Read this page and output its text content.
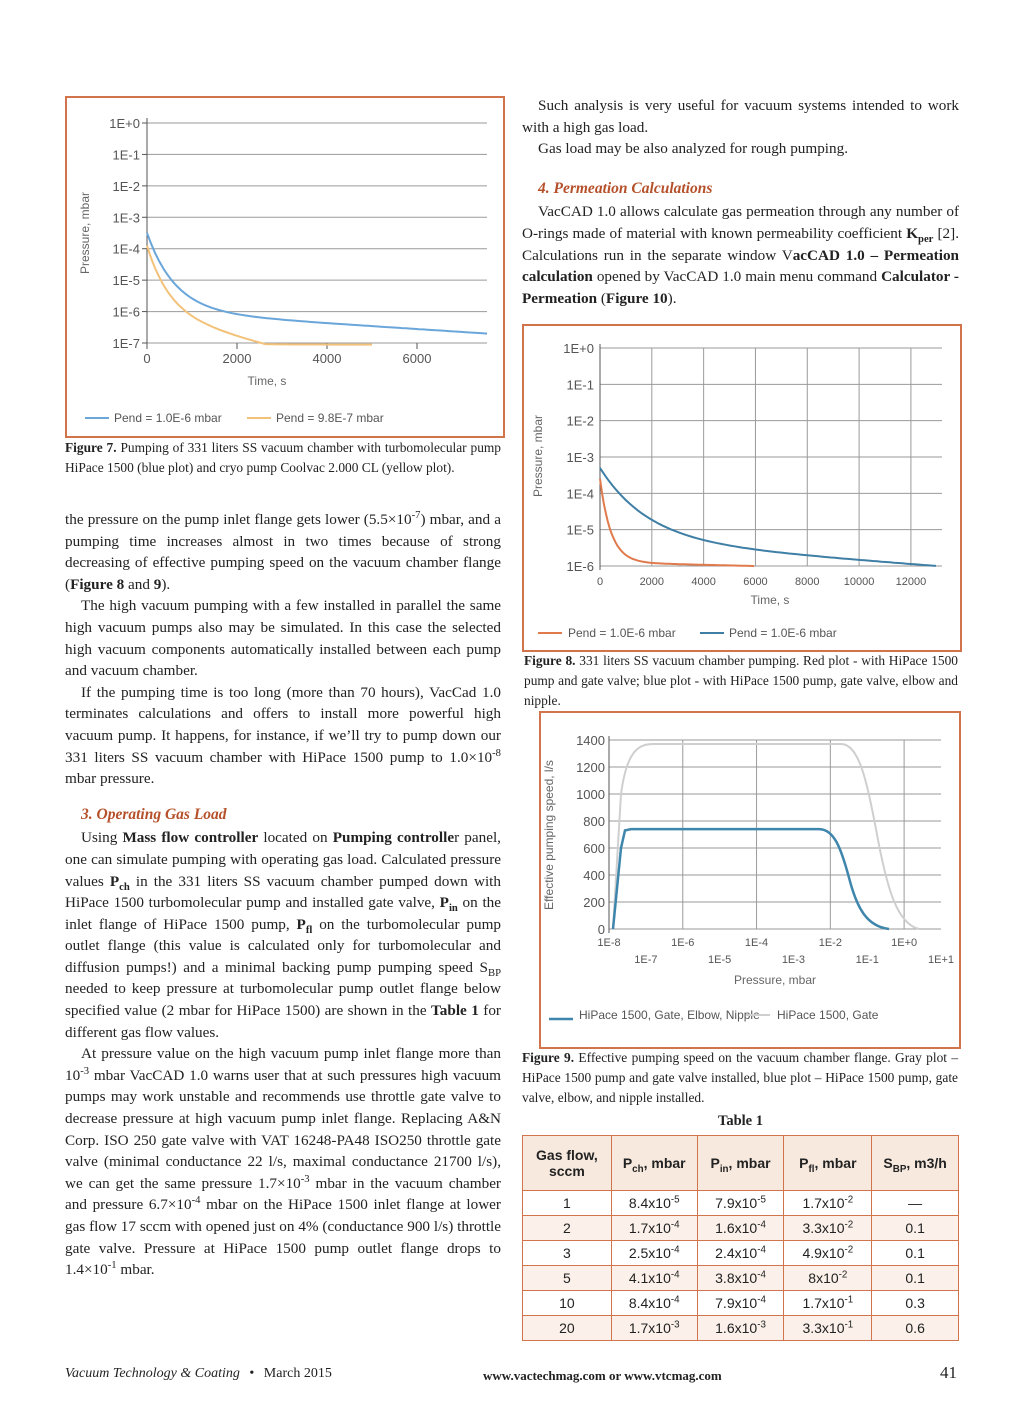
1E+0
1E-1
1E-2
1E-3
1E-4
1E-5
1E-6
1E-7
0	2000	4000	6000
Time, s
Pressure, mbar
Pend = 1.0E-6 mbar	Pend = 9.8E-7 mbar
Figure 7. Pumping of 331 liters SS vacuum chamber with turbomolecular pump HiPace 1500 (blue plot) and cryo pump Coolvac 2.000 CL (yellow plot).

the pressure on the pump inlet flange gets lower $(5.5\times 10^{-7})$ mbar, and a pumping time increases almost in two times because of strong decreasing of effective pumping speed on the vacuum chamber flange (Figure 8 and 9).

The high vacuum pumping with a few installed in parallel the same high vacuum pumps also may be simulated. In this case the selected high vacuum components automatically installed between each pump and vacuum chamber.

If the pumping time is too long (more than 70 hours), VacCad 1.0 terminates calculations and offers to install more powerful high vacuum pump. It happens, for instance, if we’ll try to pump down our 331 liters SS vacuum chamber with HiPace 1500 pump to $1.0\times 10^{-8}$ mbar pressure.

3. Operating Gas Load

Using Mass flow controller located on Pumping controller panel, one can simulate pumping with operating gas load. Calculated pressure values $P_{ch}$ in the 331 liters SS vacuum chamber pumped down with HiPace 1500 turbomolecular pump and installed gate valve, $P_{in}$ on the inlet flange of HiPace 1500 pump, $P_{fl}$ on the turbomolecular pump outlet flange (this value is calculated only for turbomolecular and diffusion pumps!) and a minimal backing pump pumping speed $S_{BP}$ needed to keep pressure at turbomolecular pump outlet flange below specified value (2 mbar for HiPace 1500) are shown in the Table 1 for different gas flow values.

At pressure value on the high vacuum pump inlet flange more than $10^{-3}$ mbar VacCAD 1.0 warns user that at such pressures high vacuum pumps may work unstable and recommends use throttle gate valve to decrease pressure at high vacuum pump inlet flange. Replacing A&N Corp. ISO 250 gate valve with VAT 16248-PA48 ISO250 throttle gate valve (minimal conductance 22 l/s, maximal conductance 21700 l/s), we can get the same pressure $1.7\times 10^{-3}$ mbar in the vacuum chamber and pressure $6.7\times 10^{-4}$ mbar on the HiPace 1500 inlet flange at lower gas flow 17 sccm with opened just on 4% (conductance 900 l/s) throttle gate valve. Pressure at HiPace 1500 pump outlet flange drops to $1.4\times 10^{-1}$ mbar.

Such analysis is very useful for vacuum systems intended to work with a high gas load.

Gas load may be also analyzed for rough pumping.

4. Permeation Calculations

VacCAD 1.0 allows calculate gas permeation through any number of O-rings made of material with known permeability coefficient $K_{per}$ [2]. Calculations run in the separate window VacCAD 1.0 – Permeation calculation opened by VacCAD 1.0 main menu command Calculator - Permeation (Figure 10).

1E+0
1E-1
1E-2
1E-3
1E-4
1E-5
1E-6
0	2000 4000 6000 8000 10000 12000
Time, s
Pressure, mbar
Pend = 1.0E-6 mbar	Pend = 1.0E-6 mbar
Figure 8. 331 liters SS vacuum chamber pumping. Red plot - with HiPace 1500 pump and gate valve; blue plot - with HiPace 1500 pump, gate valve, elbow and nipple.
1400
1200
1000
800
600
400
200
0
1E-8	1E-6	1E-4	1E-2	1E+0
1E-7	1E-5	1E-3	1E-1	1E+1
Pressure, mbar
Effective pumping speed, l/s
HiPace 1500, Gate, Elbow, Nipple HiPace 1500, Gate
Figure 9. Effective pumping speed on the vacuum chamber flange. Gray plot – HiPace 1500 pump and gate valve installed, blue plot – HiPace 1500 pump, gate valve, elbow, and nipple installed.
Table 1
Gas flow, sccm	$P_{ch}$, mbar	$P_{in}$, mbar	$P_{fl}$, mbar	$S_{BP}$, m3/h
1	$8.4x10^{-5}$	$7.9x10^{-5}$	$1.7x10^{-2}$	—
2	$1.7x10^{-4}$	$1.6x10^{-4}$	$3.3x10^{-2}$	0.1
3	$2.5x10^{-4}$	$2.4x10^{-4}$	$4.9x10^{-2}$	0.1
5	$4.1x10^{-4}$	$3.8x10^{-4}$	$8x10^{-2}$	0.1
10	$8.4x10^{-4}$	$7.9x10^{-4}$	$1.7x10^{-1}$	0.3
20	$1.7x10^{-3}$	$1.6x10^{-3}$	$3.3x10^{-1}$	0.6
Vacuum Technology & Coating • March 2015	www.vactechmag.com or www.vtcmag.com	41
